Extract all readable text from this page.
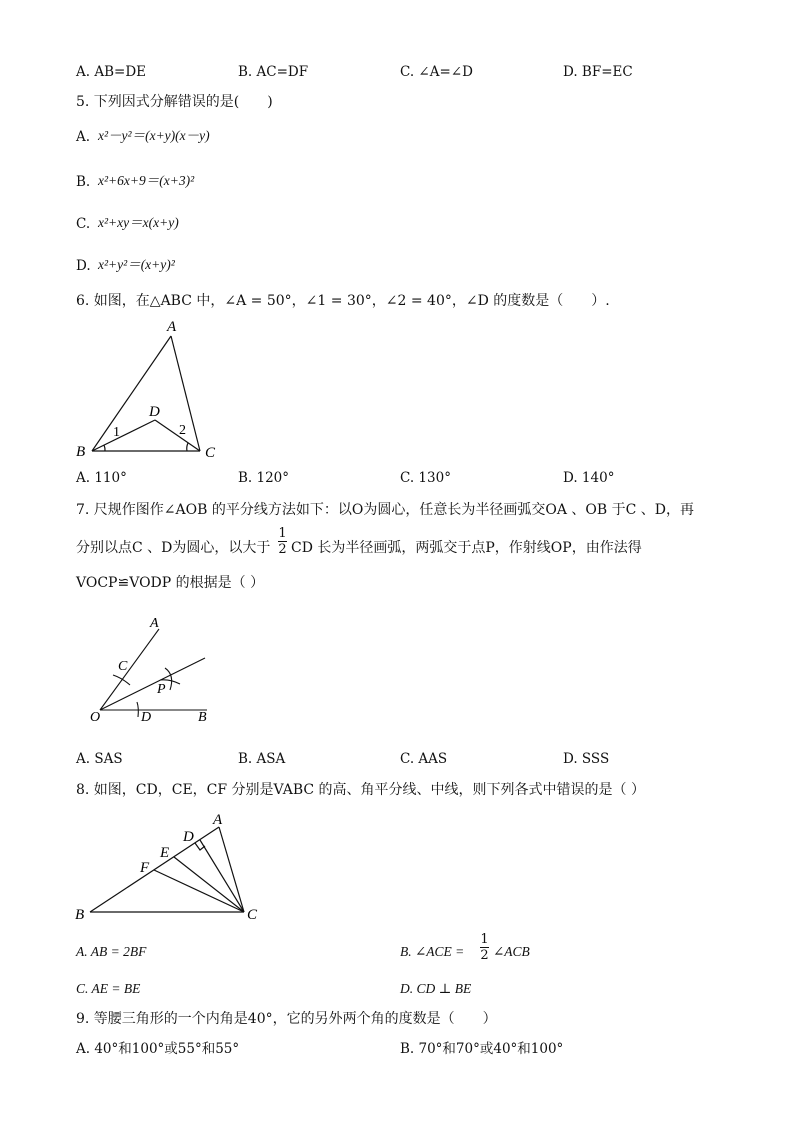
A. AB=DE	B. AC=DF	C. ∠A=∠D	D. BF=EC
5. 下列因式分解错误的是(　　)
A. x²－y²＝(x+y)(x－y)
B. x²+6x+9＝(x+3)²
C. x²+xy＝x(x+y)
D. x²+y²＝(x+y)²
6. 如图，在△ABC 中，∠A = 50°，∠1 = 30°，∠2 = 40°，∠D 的度数是（　　）.
A
B	C
D
1	2
A. 110°	B. 120°	C. 130°	D. 140°
7. 尺规作图作∠AOB 的平分线方法如下：以O为圆心，任意长为半径画弧交OA 、OB 于C 、D，再
分别以点C 、D为圆心，以大于
1
2 CD 长为半径画弧，两弧交于点P，作射线OP，由作法得
VOCP≌VODP 的根据是（ ）
A
C
P
O	D	B
A. SAS	B. ASA	C. AAS	D. SSS
8. 如图，CD，CE，CF 分别是VABC 的高、角平分线、中线，则下列各式中错误的是（ ）
A
D
E
F
B	C
A. AB = 2BF	B. ∠ACE =
1
2 ∠ACB
C. AE = BE	D. CD ⊥ BE
9. 等腰三角形的一个内角是40°，它的另外两个角的度数是（　　）
A. 40°和100°或55°和55°	B. 70°和70°或40°和100°
